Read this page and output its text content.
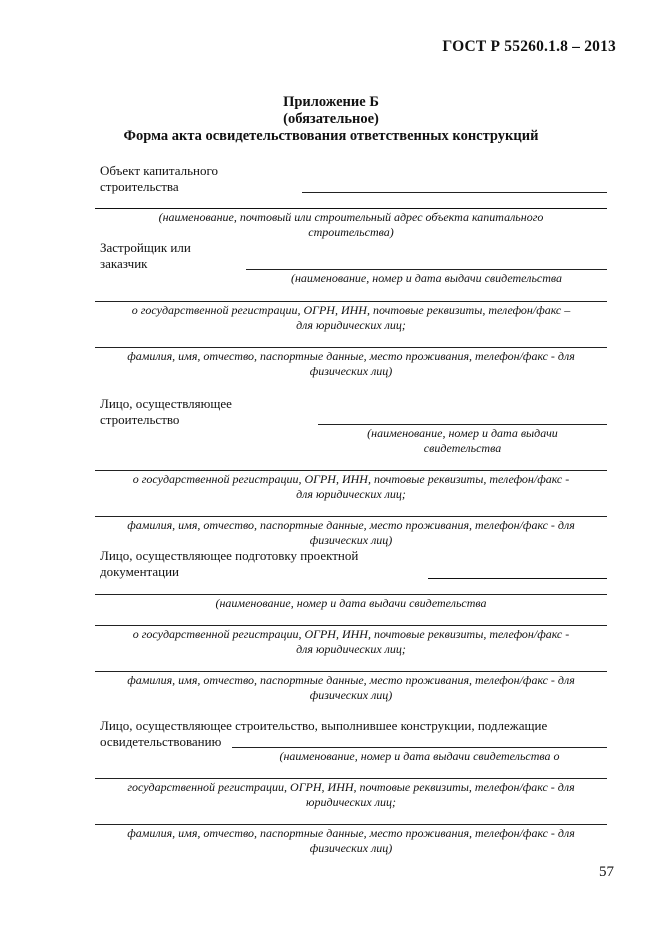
ГОСТ Р 55260.1.8 – 2013
Приложение Б
(обязательное)
Форма акта освидетельствования ответственных конструкций
Объект капитального
строительства
(наименование, почтовый или строительный адрес объекта капитального
строительства)
Застройщик или
заказчик
(наименование, номер и дата выдачи свидетельства
о государственной регистрации, ОГРН, ИНН, почтовые реквизиты, телефон/факс –
для юридических лиц;
фамилия, имя, отчество, паспортные данные, место проживания, телефон/факс - для
физических лиц)
Лицо, осуществляющее
строительство
(наименование, номер и дата выдачи
свидетельства
о государственной регистрации, ОГРН, ИНН, почтовые реквизиты, телефон/факс -
для юридических лиц;
фамилия, имя, отчество, паспортные данные, место проживания, телефон/факс - для
физических лиц)
Лицо, осуществляющее подготовку проектной
документации
(наименование, номер и дата выдачи свидетельства
о государственной регистрации, ОГРН, ИНН, почтовые реквизиты, телефон/факс -
для юридических лиц;
фамилия, имя, отчество, паспортные данные, место проживания, телефон/факс - для
физических лиц)
Лицо, осуществляющее строительство, выполнившее конструкции, подлежащие
освидетельствованию
(наименование, номер и дата выдачи свидетельства о
государственной регистрации, ОГРН, ИНН, почтовые реквизиты, телефон/факс - для
юридических лиц;
фамилия, имя, отчество, паспортные данные, место проживания, телефон/факс - для
физических лиц)
57
